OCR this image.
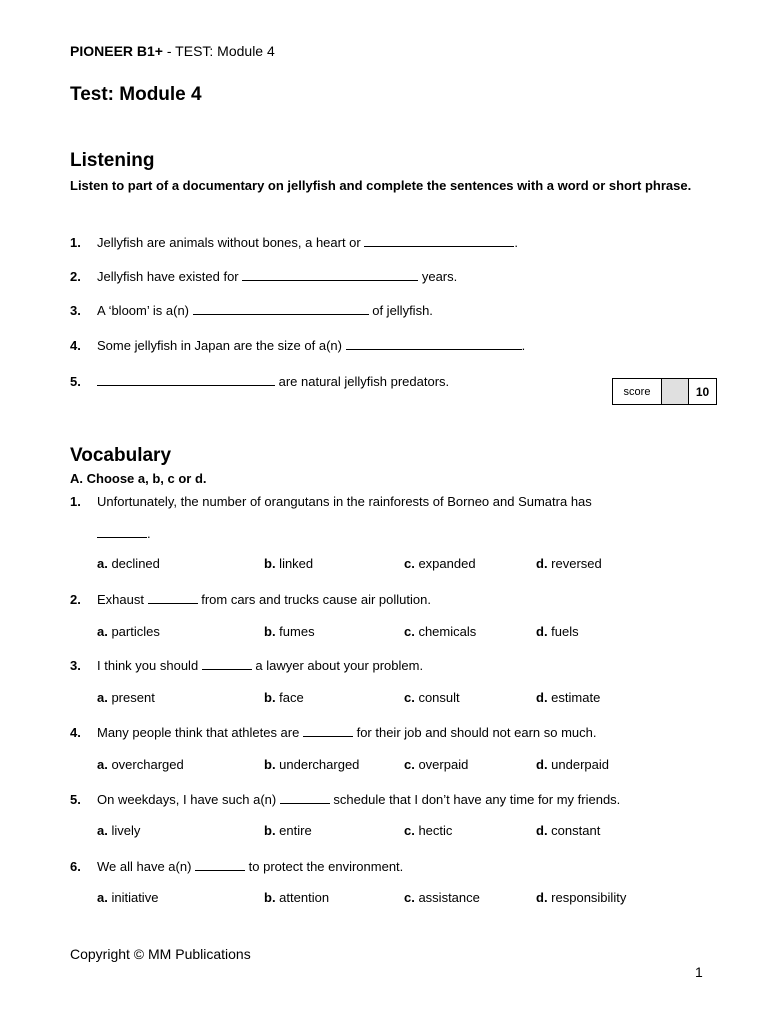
PIONEER B1+ - TEST: Module 4
Test: Module 4
Listening
Listen to part of a documentary on jellyfish and complete the sentences with a word or short phrase.
1. Jellyfish are animals without bones, a heart or	.
2. Jellyfish have existed for	years.
3. A ‘bloom’ is a(n)	of jellyfish.
4. Some jellyfish in Japan are the size of a(n)	.
5.	are natural jellyfish predators.
score	10
Vocabulary
A. Choose a, b, c or d.
1. Unfortunately, the number of orangutans in the rainforests of Borneo and Sumatra has
.
a. declined	b. linked	c. expanded	d. reversed
2. Exhaust	from cars and trucks cause air pollution.
a. particles	b. fumes	c. chemicals	d. fuels
3. I think you should	a lawyer about your problem.
a. present	b. face	c. consult	d. estimate
4. Many people think that athletes are	for their job and should not earn so much.
a. overcharged	b. undercharged	c. overpaid	d. underpaid
5. On weekdays, I have such a(n)	schedule that I don’t have any time for my friends.
a. lively	b. entire	c. hectic	d. constant
6. We all have a(n)	to protect the environment.
a. initiative	b. attention	c. assistance	d. responsibility
Copyright © MM Publications
1
